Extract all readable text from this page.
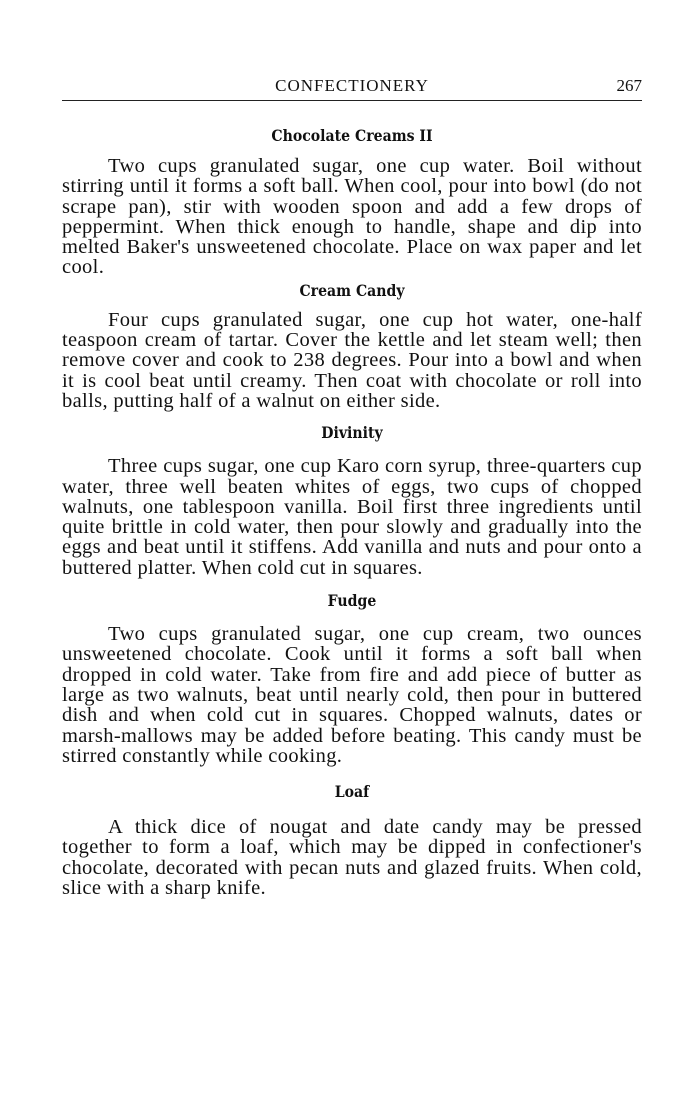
CONFECTIONERY	267
Chocolate Creams II

Two cups granulated sugar, one cup water. Boil without stirring until it forms a soft ball. When cool, pour into bowl (do not scrape pan), stir with wooden spoon and add a few drops of peppermint. When thick enough to handle, shape and dip into melted Baker's unsweetened chocolate. Place on wax paper and let cool.

Cream Candy

Four cups granulated sugar, one cup hot water, one-half teaspoon cream of tartar. Cover the kettle and let steam well; then remove cover and cook to 238 degrees. Pour into a bowl and when it is cool beat until creamy. Then coat with chocolate or roll into balls, putting half of a walnut on either side.

Divinity

Three cups sugar, one cup Karo corn syrup, three-quarters cup water, three well beaten whites of eggs, two cups of chopped walnuts, one tablespoon vanilla. Boil first three ingredients until quite brittle in cold water, then pour slowly and gradually into the eggs and beat until it stiffens. Add vanilla and nuts and pour onto a buttered platter. When cold cut in squares.

Fudge

Two cups granulated sugar, one cup cream, two ounces unsweetened chocolate. Cook until it forms a soft ball when dropped in cold water. Take from fire and add piece of butter as large as two walnuts, beat until nearly cold, then pour in buttered dish and when cold cut in squares. Chopped walnuts, dates or marsh-mallows may be added before beating. This candy must be stirred constantly while cooking.

Loaf

A thick dice of nougat and date candy may be pressed together to form a loaf, which may be dipped in confectioner's chocolate, decorated with pecan nuts and glazed fruits. When cold, slice with a sharp knife.
